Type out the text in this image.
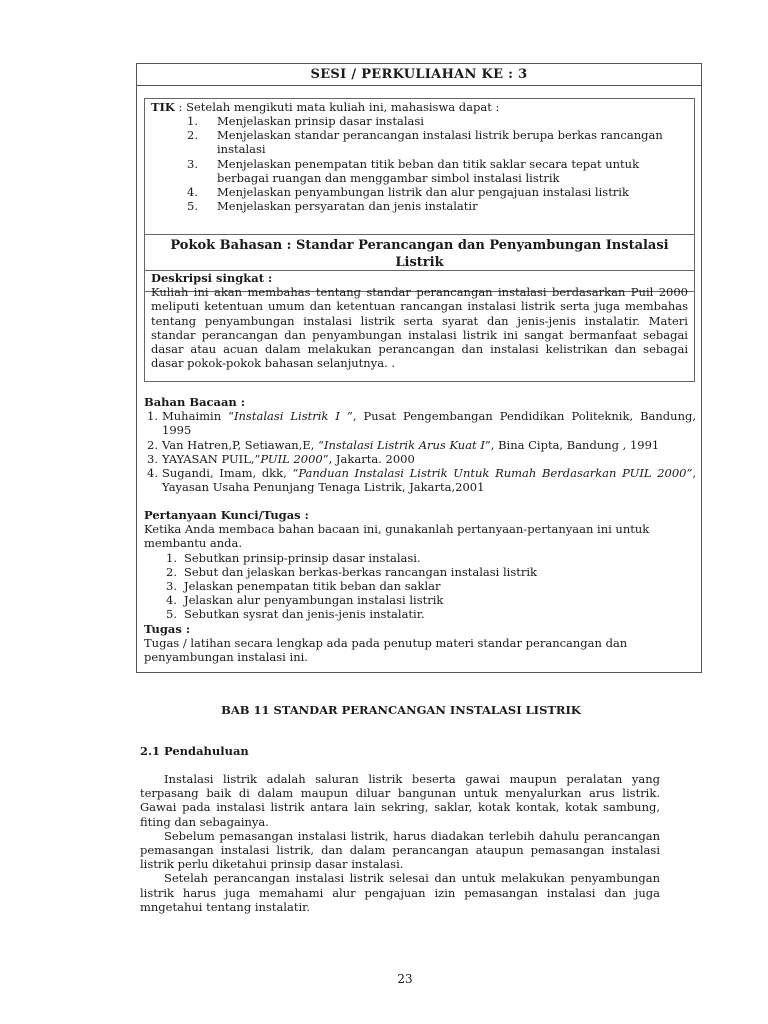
SESI / PERKULIAHAN KE : 3
TIK : Setelah mengikuti mata kuliah ini, mahasiswa dapat :
1. Menjelaskan prinsip dasar instalasi
2. Menjelaskan standar perancangan instalasi listrik berupa berkas rancangan instalasi
3. Menjelaskan penempatan titik beban dan titik saklar secara tepat untuk berbagai ruangan dan menggambar simbol instalasi listrik
4. Menjelaskan penyambungan listrik dan alur pengajuan instalasi listrik
5. Menjelaskan persyaratan dan jenis instalatir
Pokok Bahasan : Standar Perancangan dan Penyambungan Instalasi Listrik
Deskripsi singkat :
Kuliah ini akan membahas tentang standar perancangan instalasi berdasarkan Puil 2000 meliputi ketentuan umum dan ketentuan rancangan instalasi listrik serta juga membahas tentang penyambungan instalasi listrik serta syarat dan jenis-jenis instalatir. Materi standar perancangan dan penyambungan instalasi listrik ini sangat bermanfaat sebagai dasar atau acuan dalam melakukan perancangan dan instalasi kelistrikan dan sebagai dasar pokok-pokok bahasan selanjutnya. .
Bahan Bacaan :
1. Muhaimin “Instalasi Listrik I ”, Pusat Pengembangan Pendidikan Politeknik, Bandung, 1995
2. Van Hatren,P, Setiawan,E, “Instalasi Listrik Arus Kuat I”, Bina Cipta, Bandung , 1991
3. YAYASAN PUIL,”PUIL 2000”, Jakarta. 2000
4. Sugandi, Imam, dkk, “Panduan Instalasi Listrik Untuk Rumah Berdasarkan PUIL 2000”, Yayasan Usaha Penunjang Tenaga Listrik, Jakarta,2001
Pertanyaan Kunci/Tugas :
Ketika Anda membaca bahan bacaan ini, gunakanlah pertanyaan-pertanyaan ini untuk membantu anda.
1. Sebutkan prinsip-prinsip dasar instalasi.
2. Sebut dan jelaskan berkas-berkas rancangan instalasi listrik
3. Jelaskan penempatan titik beban dan saklar
4. Jelaskan alur penyambungan instalasi listrik
5. Sebutkan sysrat dan jenis-jenis instalatir.
Tugas :
Tugas / latihan secara lengkap ada pada penutup materi standar perancangan dan penyambungan instalasi ini.
BAB 11 STANDAR PERANCANGAN INSTALASI LISTRIK
2.1 Pendahuluan

Instalasi listrik adalah saluran listrik beserta gawai maupun peralatan yang terpasang baik di dalam maupun diluar bangunan untuk menyalurkan arus listrik. Gawai pada instalasi listrik antara lain sekring, saklar, kotak kontak, kotak sambung, fiting dan sebagainya.

Sebelum pemasangan instalasi listrik, harus diadakan terlebih dahulu perancangan pemasangan instalasi listrik, dan dalam perancangan ataupun pemasangan instalasi listrik perlu diketahui prinsip dasar instalasi.

Setelah perancangan instalasi listrik selesai dan untuk melakukan penyambungan listrik harus juga memahami alur pengajuan izin pemasangan instalasi dan juga mngetahui tentang instalatir.

23
